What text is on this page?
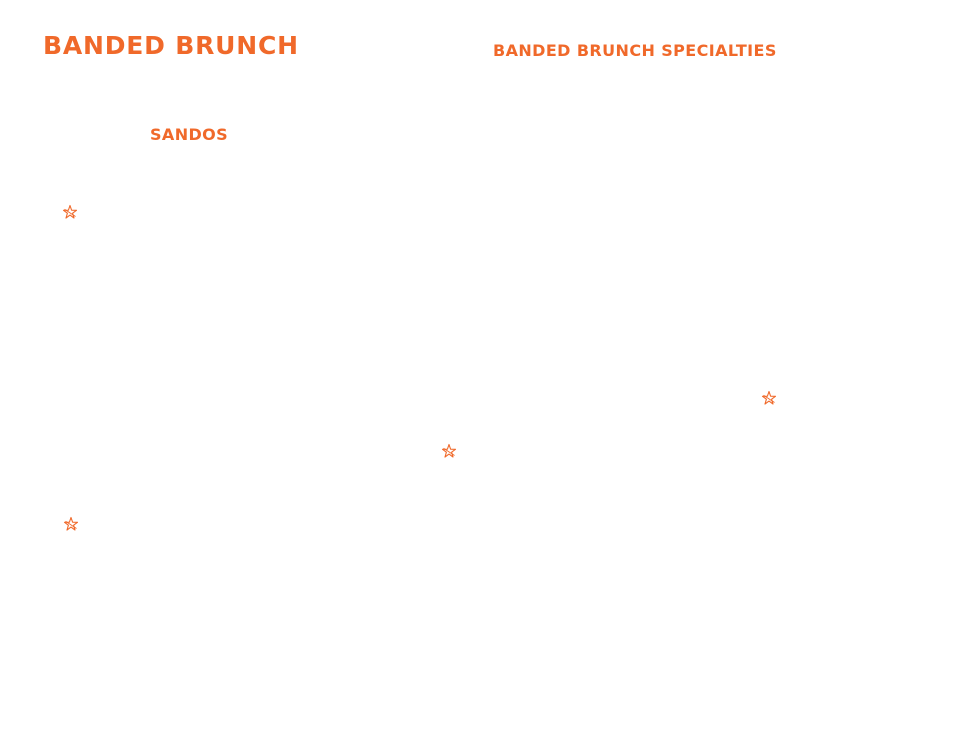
BANDED BRUNCH	BANDED BRUNCH SPECIALTIES
SANDOS
